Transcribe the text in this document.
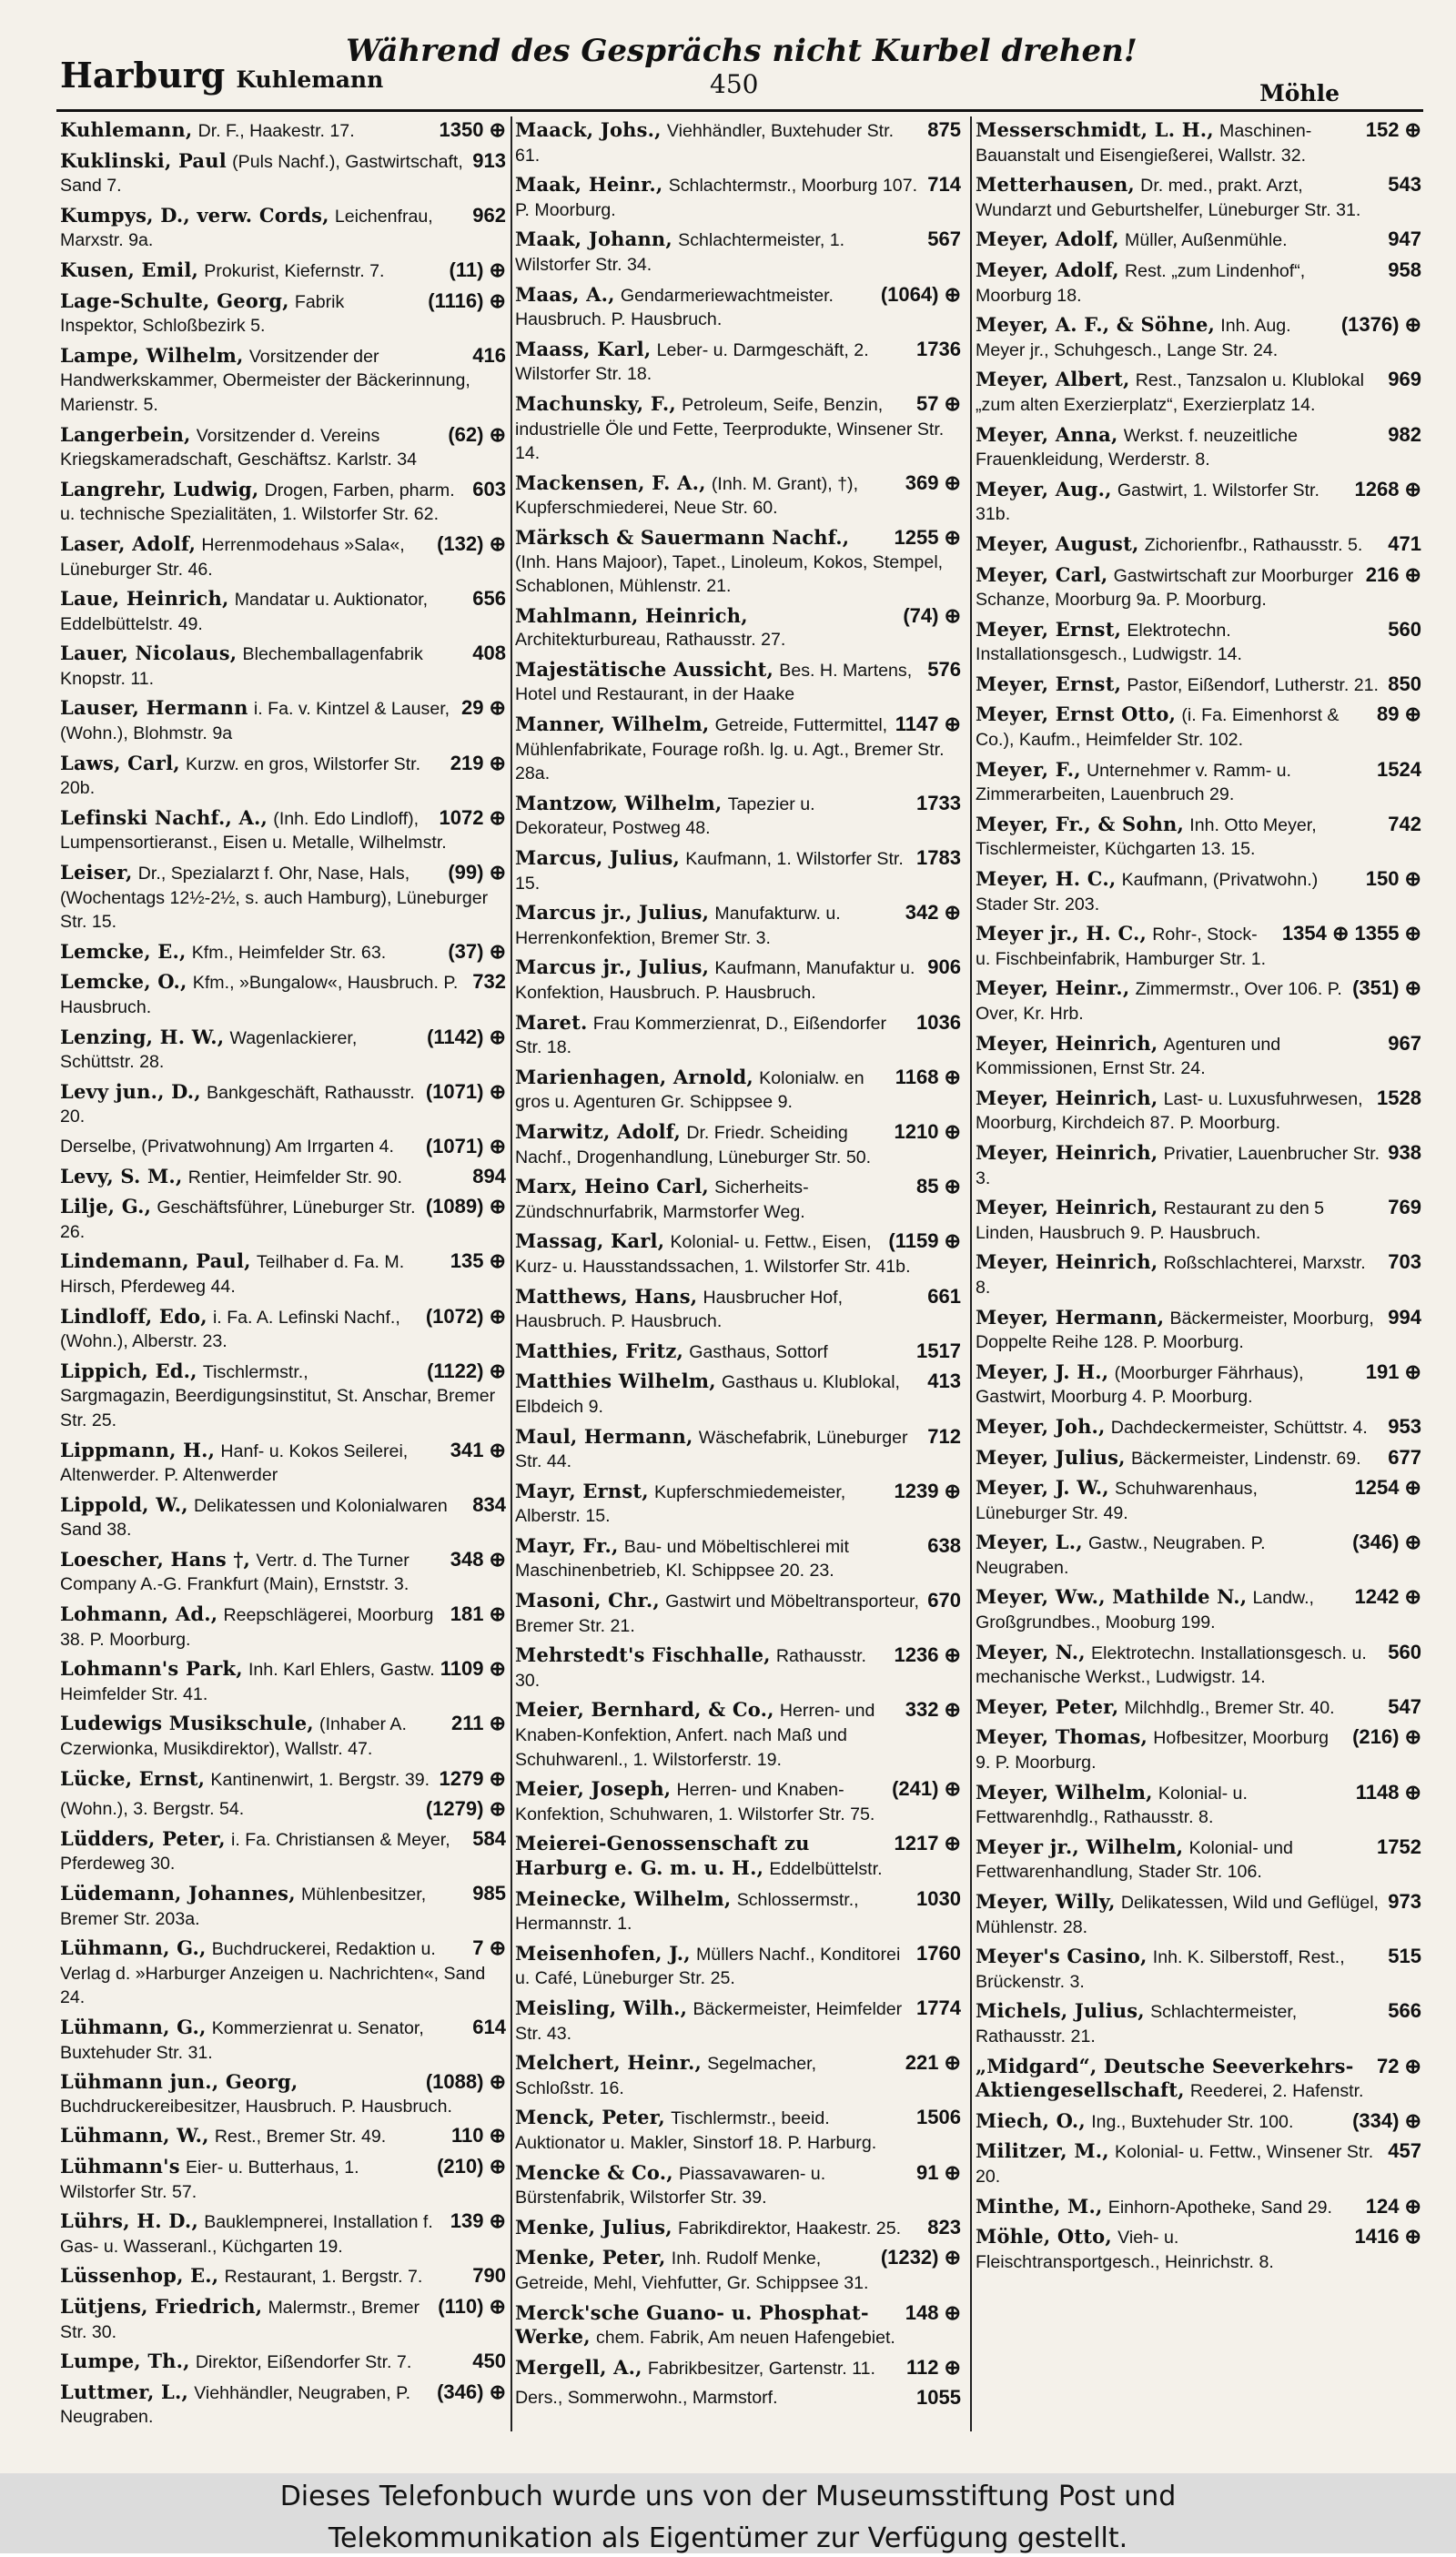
Während des Gesprächs nicht Kurbel drehen!
Harburg Kuhlemann	450	Möhle
1350 ⊕
Kuhlemann, Dr. F., Haakestr. 17.
913
Kuklinski, Paul (Puls Nachf.), Gastwirtschaft, Sand 7.
962
Kumpys, D., verw. Cords, Leichenfrau, Marxstr. 9a.
(11) ⊕
Kusen, Emil, Prokurist, Kiefernstr. 7.
(1116) ⊕
Lage-Schulte, Georg, Fabrik Inspektor, Schloßbezirk 5.
416
Lampe, Wilhelm, Vorsitzender der Handwerkskammer, Obermeister der Bäckerinnung, Marienstr. 5.
(62) ⊕
Langerbein, Vorsitzender d. Vereins Kriegskameradschaft, Geschäftsz. Karlstr. 34
603
Langrehr, Ludwig, Drogen, Farben, pharm. u. technische Spezialitäten, 1. Wilstorfer Str. 62.
(132) ⊕
Laser, Adolf, Herrenmodehaus »Sala«, Lüneburger Str. 46.
656
Laue, Heinrich, Mandatar u. Auktionator, Eddelbüttelstr. 49.
408
Lauer, Nicolaus, Blechemballagenfabrik Knopstr. 11.
29 ⊕
Lauser, Hermann i. Fa. v. Kintzel & Lauser, (Wohn.), Blohmstr. 9a
219 ⊕
Laws, Carl, Kurzw. en gros, Wilstorfer Str. 20b.
1072 ⊕
Lefinski Nachf., A., (Inh. Edo Lindloff), Lumpensortieranst., Eisen u. Metalle, Wilhelmstr.
(99) ⊕
Leiser, Dr., Spezialarzt f. Ohr, Nase, Hals, (Wochentags 12½-2½, s. auch Hamburg), Lüneburger Str. 15.
(37) ⊕
Lemcke, E., Kfm., Heimfelder Str. 63.
732
Lemcke, O., Kfm., »Bungalow«, Hausbruch. P. Hausbruch.
(1142) ⊕
Lenzing, H. W., Wagenlackierer, Schüttstr. 28.
(1071) ⊕
Levy jun., D., Bankgeschäft, Rathausstr. 20.
(1071) ⊕
Derselbe, (Privatwohnung) Am Irrgarten 4.
894
Levy, S. M., Rentier, Heimfelder Str. 90.
(1089) ⊕
Lilje, G., Geschäftsführer, Lüneburger Str. 26.
135 ⊕
Lindemann, Paul, Teilhaber d. Fa. M. Hirsch, Pferdeweg 44.
(1072) ⊕
Lindloff, Edo, i. Fa. A. Lefinski Nachf., (Wohn.), Alberstr. 23.
(1122) ⊕
Lippich, Ed., Tischlermstr., Sargmagazin, Beerdigungsinstitut, St. Anschar, Bremer Str. 25.
341 ⊕
Lippmann, H., Hanf- u. Kokos Seilerei, Altenwerder. P. Altenwerder
834
Lippold, W., Delikatessen und Kolonialwaren Sand 38.
348 ⊕
Loescher, Hans †, Vertr. d. The Turner Company A.-G. Frankfurt (Main), Ernststr. 3.
181 ⊕
Lohmann, Ad., Reepschlägerei, Moorburg 38. P. Moorburg.
1109 ⊕
Lohmann's Park, Inh. Karl Ehlers, Gastw. Heimfelder Str. 41.
211 ⊕
Ludewigs Musikschule, (Inhaber A. Czerwionka, Musikdirektor), Wallstr. 47.
1279 ⊕
Lücke, Ernst, Kantinenwirt, 1. Bergstr. 39.
(1279) ⊕
(Wohn.), 3. Bergstr. 54.
584
Lüdders, Peter, i. Fa. Christiansen & Meyer, Pferdeweg 30.
985
Lüdemann, Johannes, Mühlenbesitzer, Bremer Str. 203a.
7 ⊕
Lühmann, G., Buchdruckerei, Redaktion u. Verlag d. »Harburger Anzeigen u. Nachrichten«, Sand 24.
614
Lühmann, G., Kommerzienrat u. Senator, Buxtehuder Str. 31.
(1088) ⊕
Lühmann jun., Georg, Buchdruckereibesitzer, Hausbruch. P. Hausbruch.
110 ⊕
Lühmann, W., Rest., Bremer Str. 49.
(210) ⊕
Lühmann's Eier- u. Butterhaus, 1. Wilstorfer Str. 57.
139 ⊕
Lührs, H. D., Bauklempnerei, Installation f. Gas- u. Wasseranl., Küchgarten 19.
790
Lüssenhop, E., Restaurant, 1. Bergstr. 7.
(110) ⊕
Lütjens, Friedrich, Malermstr., Bremer Str. 30.
450
Lumpe, Th., Direktor, Eißendorfer Str. 7.
(346) ⊕
Luttmer, L., Viehhändler, Neugraben, P. Neugraben.
875
Maack, Johs., Viehhändler, Buxtehuder Str. 61.
714
Maak, Heinr., Schlachtermstr., Moorburg 107. P. Moorburg.
567
Maak, Johann, Schlachtermeister, 1. Wilstorfer Str. 34.
(1064) ⊕
Maas, A., Gendarmeriewachtmeister. Hausbruch. P. Hausbruch.
1736
Maass, Karl, Leber- u. Darmgeschäft, 2. Wilstorfer Str. 18.
57 ⊕
Machunsky, F., Petroleum, Seife, Benzin, industrielle Öle und Fette, Teerprodukte, Winsener Str. 14.
369 ⊕
Mackensen, F. A., (Inh. M. Grant), †), Kupferschmiederei, Neue Str. 60.
1255 ⊕
Märksch & Sauermann Nachf., (Inh. Hans Majoor), Tapet., Linoleum, Kokos, Stempel, Schablonen, Mühlenstr. 21.
(74) ⊕
Mahlmann, Heinrich, Architekturbureau, Rathausstr. 27.
576
Majestätische Aussicht, Bes. H. Martens, Hotel und Restaurant, in der Haake
1147 ⊕
Manner, Wilhelm, Getreide, Futtermittel, Mühlenfabrikate, Fourage roßh. lg. u. Agt., Bremer Str. 28a.
1733
Mantzow, Wilhelm, Tapezier u. Dekorateur, Postweg 48.
1783
Marcus, Julius, Kaufmann, 1. Wilstorfer Str. 15.
342 ⊕
Marcus jr., Julius, Manufakturw. u. Herrenkonfektion, Bremer Str. 3.
906
Marcus jr., Julius, Kaufmann, Manufaktur u. Konfektion, Hausbruch. P. Hausbruch.
1036
Maret. Frau Kommerzienrat, D., Eißendorfer Str. 18.
1168 ⊕
Marienhagen, Arnold, Kolonialw. en gros u. Agenturen Gr. Schippsee 9.
1210 ⊕
Marwitz, Adolf, Dr. Friedr. Scheiding Nachf., Drogenhandlung, Lüneburger Str. 50.
85 ⊕
Marx, Heino Carl, Sicherheits-Zündschnurfabrik, Marmstorfer Weg.
(1159 ⊕
Massag, Karl, Kolonial- u. Fettw., Eisen, Kurz- u. Hausstandssachen, 1. Wilstorfer Str. 41b.
661
Matthews, Hans, Hausbrucher Hof, Hausbruch. P. Hausbruch.
1517
Matthies, Fritz, Gasthaus, Sottorf
413
Matthies Wilhelm, Gasthaus u. Klublokal, Elbdeich 9.
712
Maul, Hermann, Wäschefabrik, Lüneburger Str. 44.
1239 ⊕
Mayr, Ernst, Kupferschmiedemeister, Alberstr. 15.
638
Mayr, Fr., Bau- und Möbeltischlerei mit Maschinenbetrieb, Kl. Schippsee 20. 23.
670
Masoni, Chr., Gastwirt und Möbeltransporteur, Bremer Str. 21.
1236 ⊕
Mehrstedt's Fischhalle, Rathausstr. 30.
332 ⊕
Meier, Bernhard, & Co., Herren- und Knaben-Konfektion, Anfert. nach Maß und Schuhwarenl., 1. Wilstorferstr. 19.
(241) ⊕
Meier, Joseph, Herren- und Knaben-Konfektion, Schuhwaren, 1. Wilstorfer Str. 75.
1217 ⊕
Meierei-Genossenschaft zu Harburg e. G. m. u. H., Eddelbüttelstr.
1030
Meinecke, Wilhelm, Schlossermstr., Hermannstr. 1.
1760
Meisenhofen, J., Müllers Nachf., Konditorei u. Café, Lüneburger Str. 25.
1774
Meisling, Wilh., Bäckermeister, Heimfelder Str. 43.
221 ⊕
Melchert, Heinr., Segelmacher, Schloßstr. 16.
1506
Menck, Peter, Tischlermstr., beeid. Auktionator u. Makler, Sinstorf 18. P. Harburg.
91 ⊕
Mencke & Co., Piassavawaren- u. Bürstenfabrik, Wilstorfer Str. 39.
823
Menke, Julius, Fabrikdirektor, Haakestr. 25.
(1232) ⊕
Menke, Peter, Inh. Rudolf Menke, Getreide, Mehl, Viehfutter, Gr. Schippsee 31.
148 ⊕
Merck'sche Guano- u. Phosphat-Werke, chem. Fabrik, Am neuen Hafengebiet.
112 ⊕
Mergell, A., Fabrikbesitzer, Gartenstr. 11.
1055
Ders., Sommerwohn., Marmstorf.
152 ⊕
Messerschmidt, L. H., Maschinen-Bauanstalt und Eisengießerei, Wallstr. 32.
543
Metterhausen, Dr. med., prakt. Arzt, Wundarzt und Geburtshelfer, Lüneburger Str. 31.
947
Meyer, Adolf, Müller, Außenmühle.
958
Meyer, Adolf, Rest. „zum Lindenhof“, Moorburg 18.
(1376) ⊕
Meyer, A. F., & Söhne, Inh. Aug. Meyer jr., Schuhgesch., Lange Str. 24.
969
Meyer, Albert, Rest., Tanzsalon u. Klublokal „zum alten Exerzierplatz“, Exerzierplatz 14.
982
Meyer, Anna, Werkst. f. neuzeitliche Frauenkleidung, Werderstr. 8.
1268 ⊕
Meyer, Aug., Gastwirt, 1. Wilstorfer Str. 31b.
471
Meyer, August, Zichorienfbr., Rathausstr. 5.
216 ⊕
Meyer, Carl, Gastwirtschaft zur Moorburger Schanze, Moorburg 9a. P. Moorburg.
560
Meyer, Ernst, Elektrotechn. Installationsgesch., Ludwigstr. 14.
850
Meyer, Ernst, Pastor, Eißendorf, Lutherstr. 21.
89 ⊕
Meyer, Ernst Otto, (i. Fa. Eimenhorst & Co.), Kaufm., Heimfelder Str. 102.
1524
Meyer, F., Unternehmer v. Ramm- u. Zimmerarbeiten, Lauenbruch 29.
742
Meyer, Fr., & Sohn, Inh. Otto Meyer, Tischlermeister, Küchgarten 13. 15.
150 ⊕
Meyer, H. C., Kaufmann, (Privatwohn.) Stader Str. 203.
1354 ⊕ 1355 ⊕
Meyer jr., H. C., Rohr-, Stock- u. Fischbeinfabrik, Hamburger Str. 1.
(351) ⊕
Meyer, Heinr., Zimmermstr., Over 106. P. Over, Kr. Hrb.
967
Meyer, Heinrich, Agenturen und Kommissionen, Ernst Str. 24.
1528
Meyer, Heinrich, Last- u. Luxusfuhrwesen, Moorburg, Kirchdeich 87. P. Moorburg.
938
Meyer, Heinrich, Privatier, Lauenbrucher Str. 3.
769
Meyer, Heinrich, Restaurant zu den 5 Linden, Hausbruch 9. P. Hausbruch.
703
Meyer, Heinrich, Roßschlachterei, Marxstr. 8.
994
Meyer, Hermann, Bäckermeister, Moorburg, Doppelte Reihe 128. P. Moorburg.
191 ⊕
Meyer, J. H., (Moorburger Fährhaus), Gastwirt, Moorburg 4. P. Moorburg.
953
Meyer, Joh., Dachdeckermeister, Schüttstr. 4.
677
Meyer, Julius, Bäckermeister, Lindenstr. 69.
1254 ⊕
Meyer, J. W., Schuhwarenhaus, Lüneburger Str. 49.
(346) ⊕
Meyer, L., Gastw., Neugraben. P. Neugraben.
1242 ⊕
Meyer, Ww., Mathilde N., Landw., Großgrundbes., Mooburg 199.
560
Meyer, N., Elektrotechn. Installationsgesch. u. mechanische Werkst., Ludwigstr. 14.
547
Meyer, Peter, Milchhdlg., Bremer Str. 40.
(216) ⊕
Meyer, Thomas, Hofbesitzer, Moorburg 9. P. Moorburg.
1148 ⊕
Meyer, Wilhelm, Kolonial- u. Fettwarenhdlg., Rathausstr. 8.
1752
Meyer jr., Wilhelm, Kolonial- und Fettwarenhandlung, Stader Str. 106.
973
Meyer, Willy, Delikatessen, Wild und Geflügel, Mühlenstr. 28.
515
Meyer's Casino, Inh. K. Silberstoff, Rest., Brückenstr. 3.
566
Michels, Julius, Schlachtermeister, Rathausstr. 21.
72 ⊕
„Midgard“, Deutsche Seeverkehrs-Aktiengesellschaft, Reederei, 2. Hafenstr.
(334) ⊕
Miech, O., Ing., Buxtehuder Str. 100.
457
Militzer, M., Kolonial- u. Fettw., Winsener Str. 20.
124 ⊕
Minthe, M., Einhorn-Apotheke, Sand 29.
1416 ⊕
Möhle, Otto, Vieh- u. Fleischtransportgesch., Heinrichstr. 8.
Dieses Telefonbuch wurde uns von der Museumsstiftung Post und
Telekommunikation als Eigentümer zur Verfügung gestellt.
